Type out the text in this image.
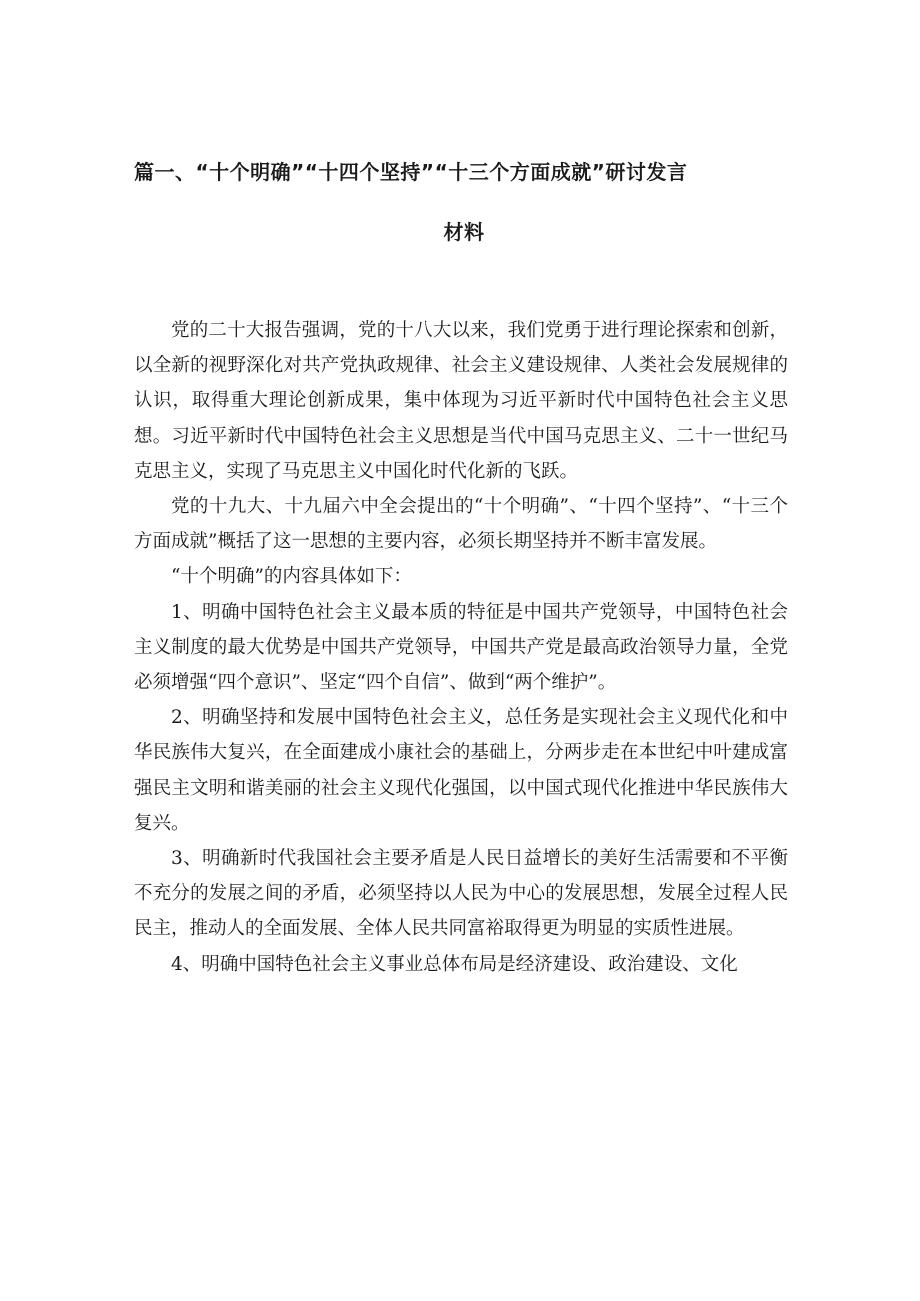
篇一、“十个明确”“十四个坚持”“十三个方面成就”研讨发言
材料

党的二十大报告强调，党的十八大以来，我们党勇于进行理论探索和创新，以全新的视野深化对共产党执政规律、社会主义建设规律、人类社会发展规律的认识，取得重大理论创新成果，集中体现为习近平新时代中国特色社会主义思想。习近平新时代中国特色社会主义思想是当代中国马克思主义、二十一世纪马克思主义，实现了马克思主义中国化时代化新的飞跃。

党的十九大、十九届六中全会提出的“十个明确”、“十四个坚持”、“十三个方面成就”概括了这一思想的主要内容，必须长期坚持并不断丰富发展。

“十个明确”的内容具体如下：

1、明确中国特色社会主义最本质的特征是中国共产党领导，中国特色社会主义制度的最大优势是中国共产党领导，中国共产党是最高政治领导力量，全党必须增强“四个意识”、坚定“四个自信”、做到“两个维护”。

2、明确坚持和发展中国特色社会主义，总任务是实现社会主义现代化和中华民族伟大复兴，在全面建成小康社会的基础上，分两步走在本世纪中叶建成富强民主文明和谐美丽的社会主义现代化强国，以中国式现代化推进中华民族伟大复兴。

3、明确新时代我国社会主要矛盾是人民日益增长的美好生活需要和不平衡不充分的发展之间的矛盾，必须坚持以人民为中心的发展思想，发展全过程人民民主，推动人的全面发展、全体人民共同富裕取得更为明显的实质性进展。

4、明确中国特色社会主义事业总体布局是经济建设、政治建设、文化
